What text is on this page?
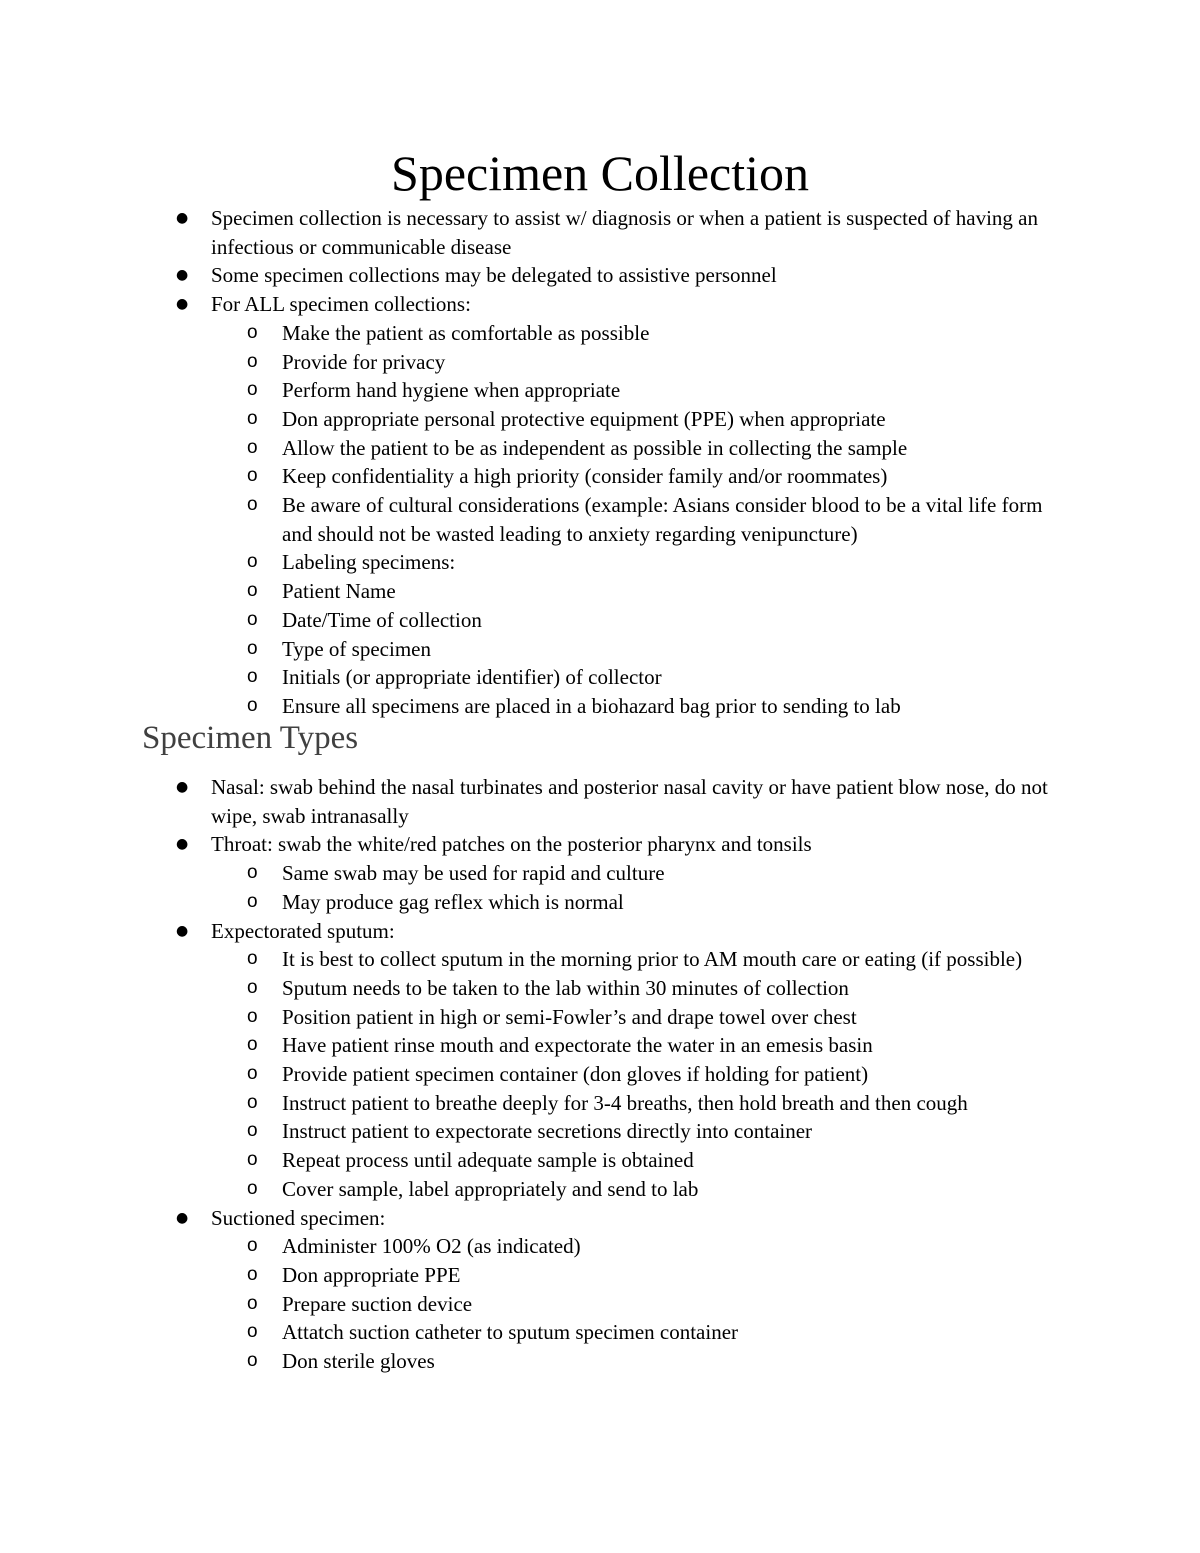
Specimen Collection
● Specimen collection is necessary to assist w/ diagnosis or when a patient is suspected of having an infectious or communicable disease
● Some specimen collections may be delegated to assistive personnel
● For ALL specimen collections:
o Make the patient as comfortable as possible
o Provide for privacy
o Perform hand hygiene when appropriate
o Don appropriate personal protective equipment (PPE) when appropriate
o Allow the patient to be as independent as possible in collecting the sample
o Keep confidentiality a high priority (consider family and/or roommates)
o Be aware of cultural considerations (example: Asians consider blood to be a vital life form and should not be wasted leading to anxiety regarding venipuncture)
o Labeling specimens:
o Patient Name
o Date/Time of collection
o Type of specimen
o Initials (or appropriate identifier) of collector
o Ensure all specimens are placed in a biohazard bag prior to sending to lab
Specimen Types
● Nasal: swab behind the nasal turbinates and posterior nasal cavity or have patient blow nose, do not wipe, swab intranasally
● Throat: swab the white/red patches on the posterior pharynx and tonsils
o Same swab may be used for rapid and culture
o May produce gag reflex which is normal
● Expectorated sputum:
o It is best to collect sputum in the morning prior to AM mouth care or eating (if possible)
o Sputum needs to be taken to the lab within 30 minutes of collection
o Position patient in high or semi-Fowler’s and drape towel over chest
o Have patient rinse mouth and expectorate the water in an emesis basin
o Provide patient specimen container (don gloves if holding for patient)
o Instruct patient to breathe deeply for 3-4 breaths, then hold breath and then cough
o Instruct patient to expectorate secretions directly into container
o Repeat process until adequate sample is obtained
o Cover sample, label appropriately and send to lab
● Suctioned specimen:
o Administer 100% O2 (as indicated)
o Don appropriate PPE
o Prepare suction device
o Attatch suction catheter to sputum specimen container
o Don sterile gloves
